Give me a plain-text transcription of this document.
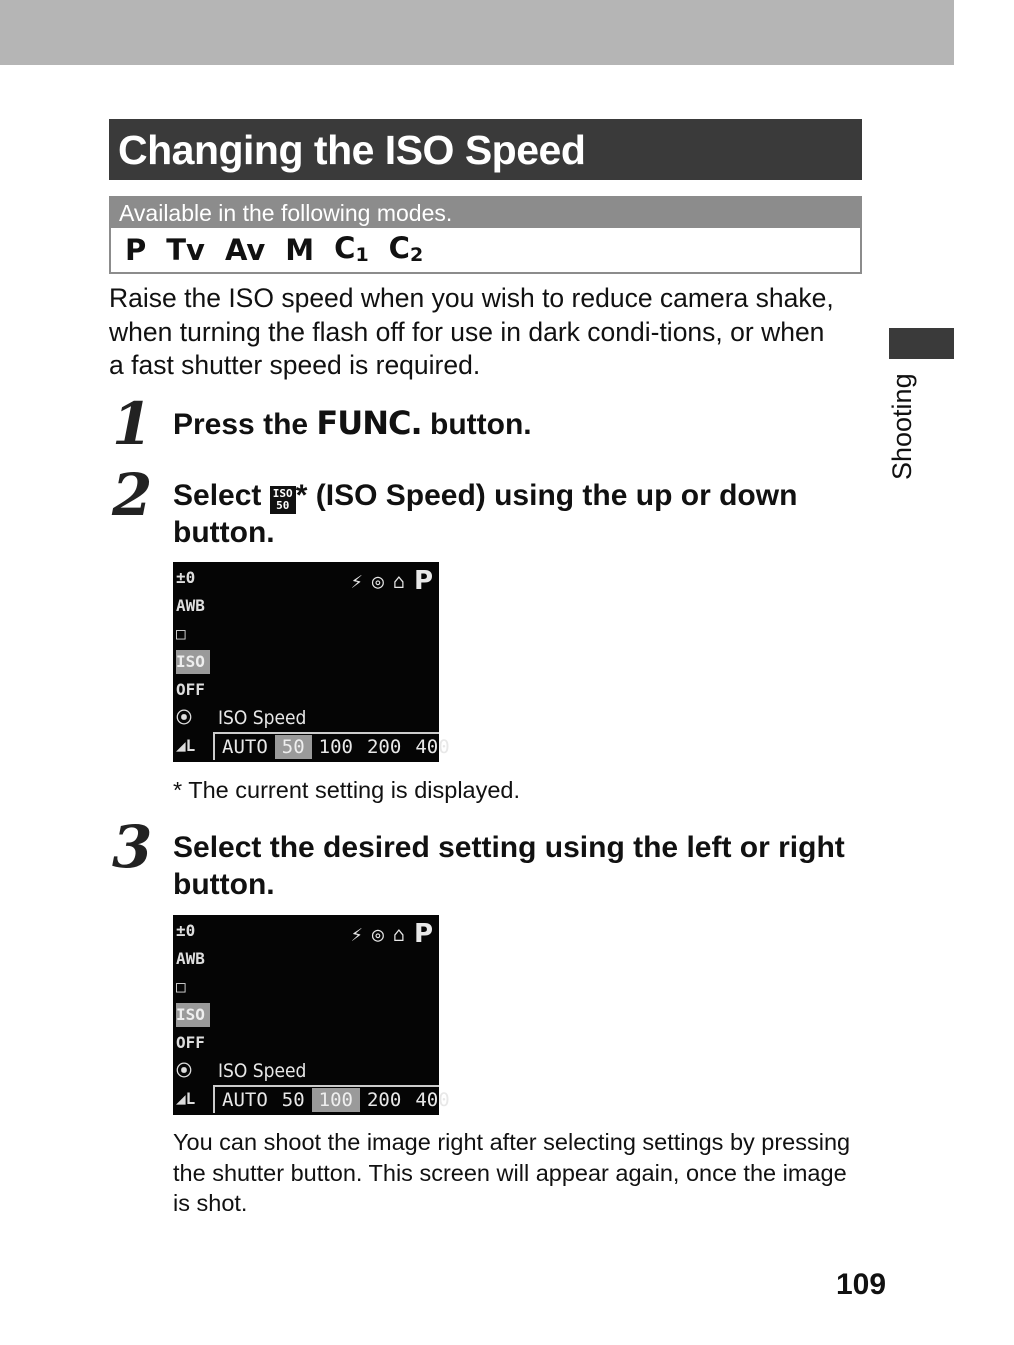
Changing the ISO Speed
Available in the following modes.
P Tv Av M $C_1$ $C_2$

Raise the ISO speed when you wish to reduce camera shake, when turning the flash off for use in dark condi-tions, or when a fast shutter speed is required.

1 Press the FUNC. button.

2 Select ISO
50 * (ISO Speed) using the up or down button.

±0
AWB
□
ISO
OFF
⦿
◢L
⚡ ◎ ⌂ P
ISO Speed
AUTO 50 100 200 400

* The current setting is displayed.

3 Select the desired setting using the left or right button.

±0
AWB
□
ISO
OFF
⦿
◢L
⚡ ◎ ⌂ P
ISO Speed
AUTO 50 100 200 400

You can shoot the image right after selecting settings by pressing the shutter button. This screen will appear again, once the image is shot.

Shooting
109
